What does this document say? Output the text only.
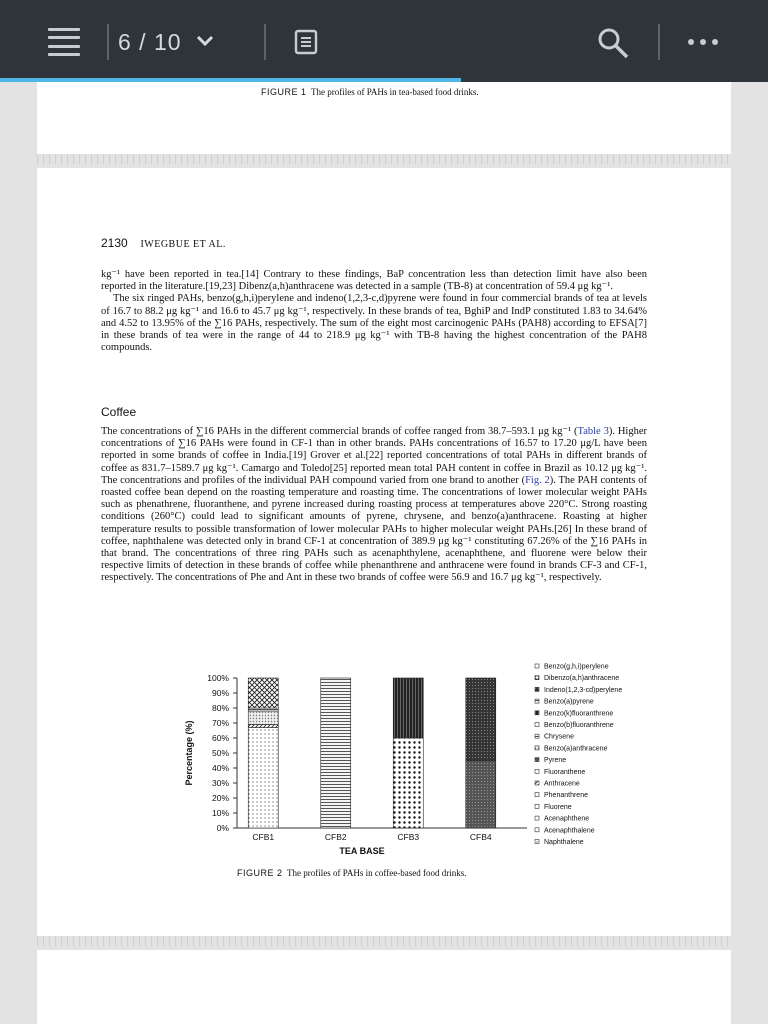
6 / 10
FIGURE 1 The profiles of PAHs in tea-based food drinks.
2130 IWEGBUE ET AL.

kg⁻¹ have been reported in tea.[14] Contrary to these findings, BaP concentration less than detection limit have also been reported in the literature.[19,23] Dibenz(a,h)anthracene was detected in a sample (TB-8) at concentration of 59.4 μg kg⁻¹.

The six ringed PAHs, benzo(g,h,i)perylene and indeno(1,2,3-c,d)pyrene were found in four commercial brands of tea at levels of 16.7 to 88.2 μg kg⁻¹ and 16.6 to 45.7 μg kg⁻¹, respectively. In these brands of tea, BghiP and IndP constituted 1.83 to 34.64% and 4.52 to 13.95% of the ∑16 PAHs, respectively. The sum of the eight most carcinogenic PAHs (PAH8) according to EFSA[7] in these brands of tea were in the range of 44 to 218.9 μg kg⁻¹ with TB-8 having the highest concentration of the PAH8 compounds.

Coffee

The concentrations of ∑16 PAHs in the different commercial brands of coffee ranged from 38.7–593.1 μg kg⁻¹ (Table 3). Higher concentrations of ∑16 PAHs were found in CF-1 than in other brands. PAHs concentrations of 16.57 to 17.20 μg/L have been reported in some brands of coffee in India.[19] Grover et al.[22] reported concentrations of total PAHs in different brands of coffee as 831.7–1589.7 μg kg⁻¹. Camargo and Toledo[25] reported mean total PAH content in coffee in Brazil as 10.12 μg kg⁻¹. The concentrations and profiles of the individual PAH compound varied from one brand to another (Fig. 2). The PAH contents of roasted coffee bean depend on the roasting temperature and roasting time. The concentrations of lower molecular weight PAHs such as phenathrene, fluoranthene, and pyrene increased during roasting process at temperatures above 220°C. Strong roasting conditions (260°C) could lead to significant amounts of pyrene, chrysene, and benzo(a)anthracene. Roasting at higher temperature results to possible transformation of lower molecular PAHs to higher molecular weight PAHs.[26] In these brand of coffee, naphthalene was detected only in brand CF-1 at concentration of 389.9 μg kg⁻¹ constituting 67.26% of the ∑16 PAHs in that brand. The concentrations of three ring PAHs such as acenaphthylene, acenaphthene, and fluorene were below their respective limits of detection in these brands of coffee while phenanthrene and anthracene were found in brands CF-3 and CF-1, respectively. The concentrations of Phe and Ant in these two brands of coffee were 56.9 and 16.7 μg kg⁻¹, respectively.

0%
10%
20%
30%
40%
50%
60%
70%
80%
90%
100%
Percentage (%)
TEA BASE
CFB1	CFB2	CFB3	CFB4
Benzo(g,h,i)perylene
Dibenzo(a,h)anthracene
Indeno(1,2,3-cd)perylene
Benzo(a)pyrene
Benzo(k)fluoranthrene
Benzo(b)fluoranthrene
Chrysene
Benzo(a)anthracene
Pyrene
Fluoranthene
Anthracene
Phenanthrene
Fluorene
Acenaphthene
Acenaphthalene
Naphthalene
FIGURE 2 The profiles of PAHs in coffee-based food drinks.
